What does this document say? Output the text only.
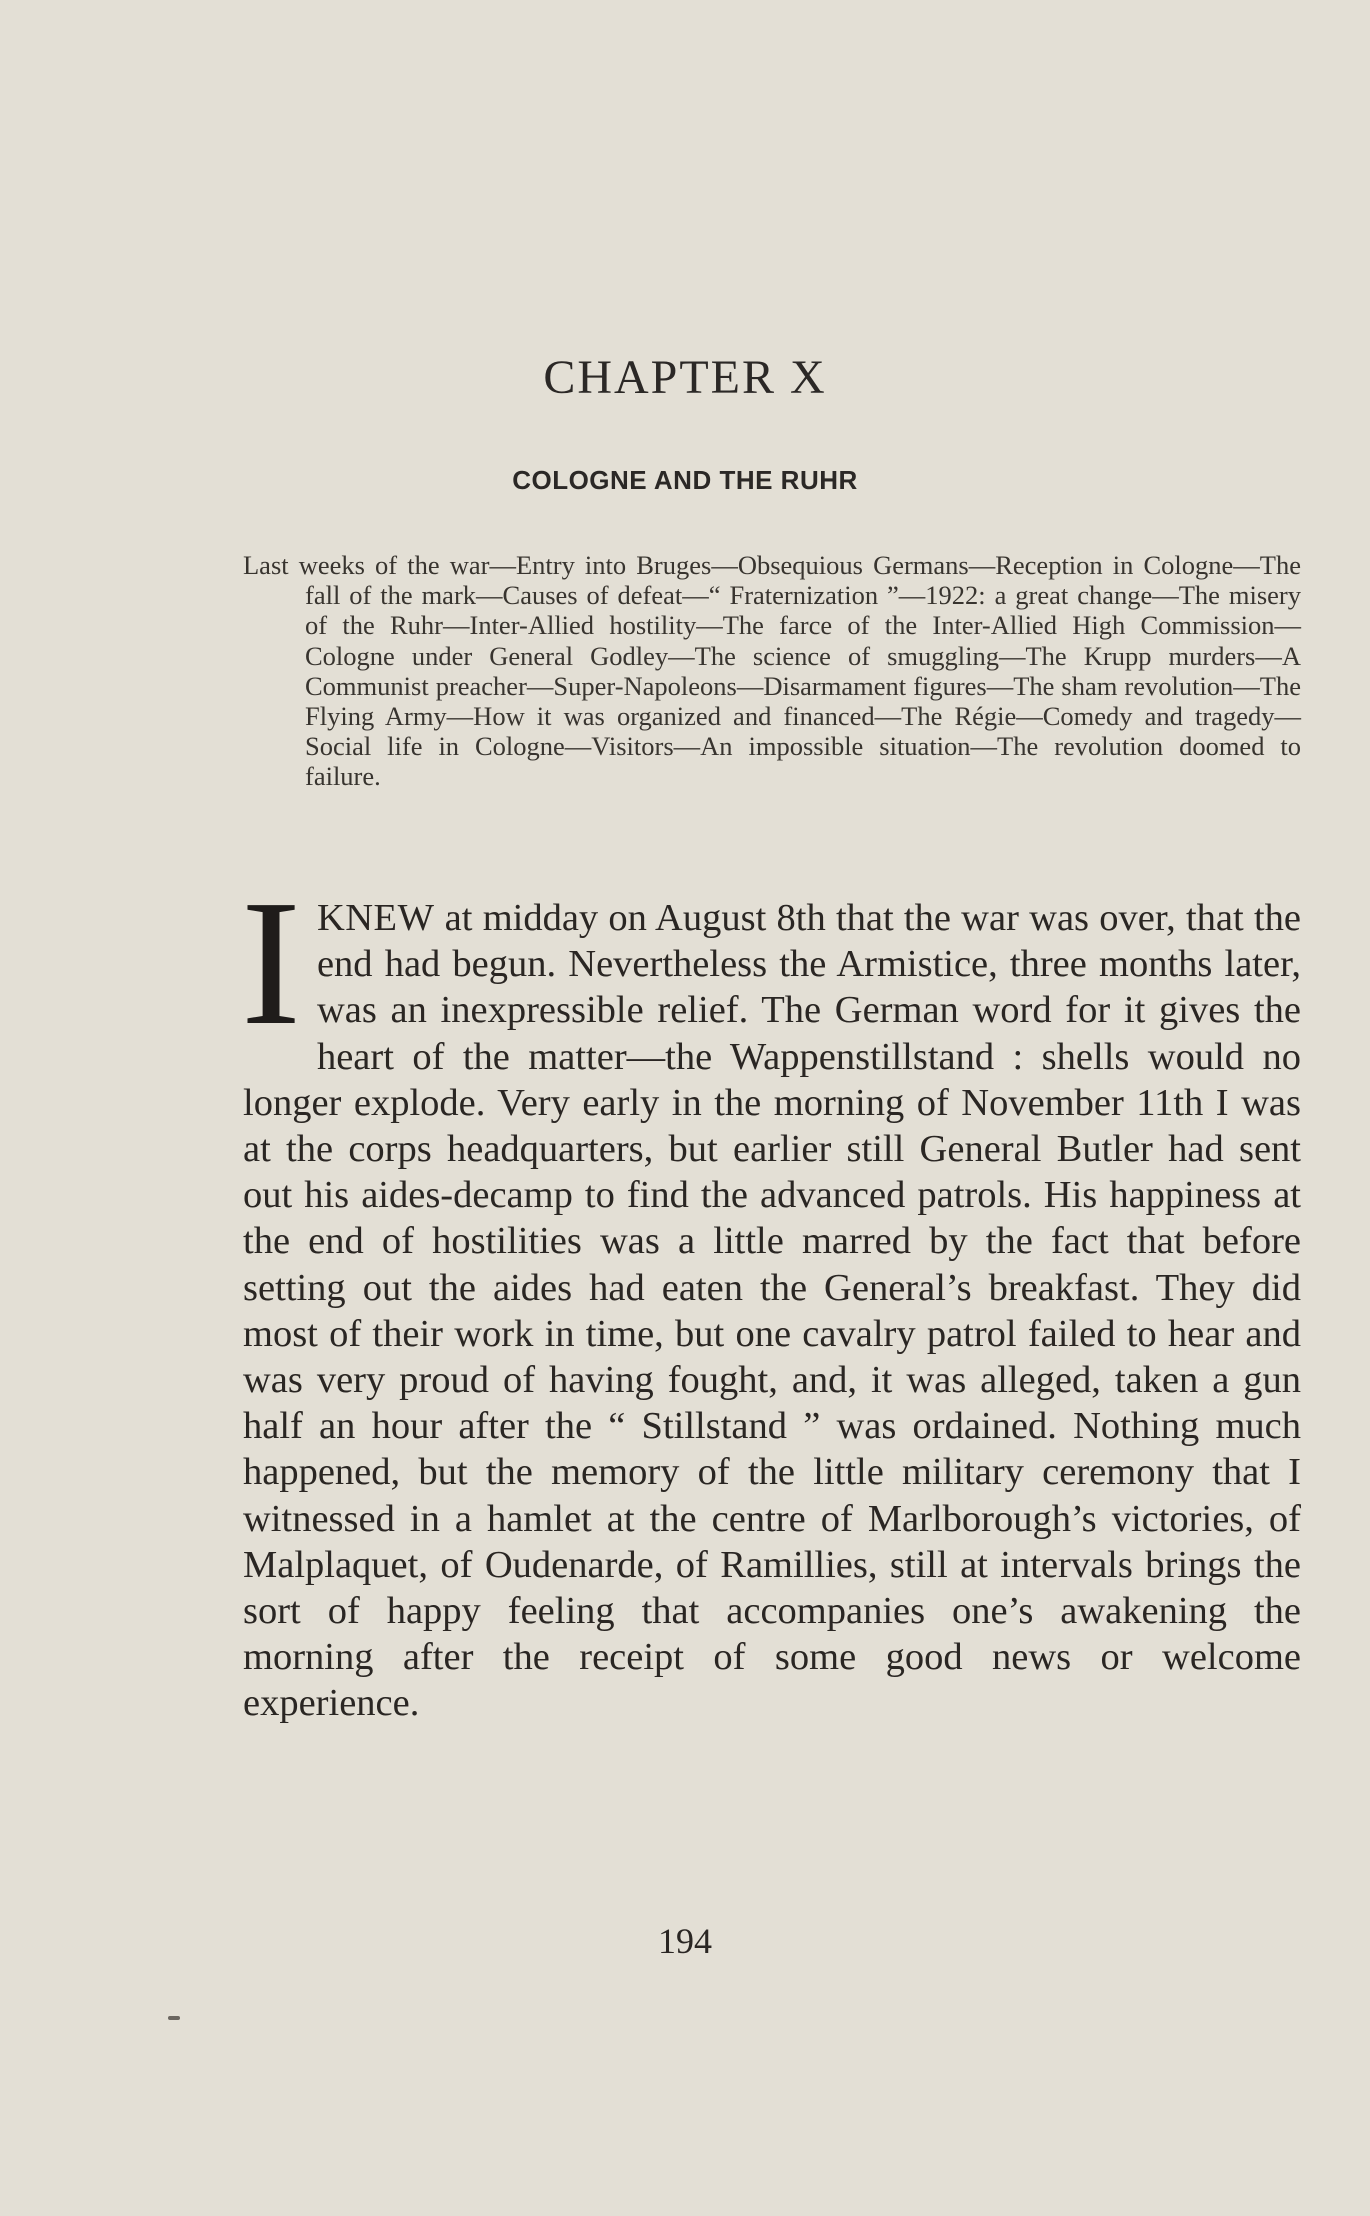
CHAPTER X
COLOGNE AND THE RUHR
Last weeks of the war—Entry into Bruges—Obsequious Germans—Reception in Cologne—The fall of the mark—Causes of defeat—“ Fraternization ”—1922: a great change—The misery of the Ruhr—Inter-Allied hostility—The farce of the Inter-Allied High Commission—Cologne under General Godley—The science of smuggling—The Krupp murders—A Communist preacher—Super-Napoleons—Disarmament figures—The sham revolution—The Flying Army—How it was organized and financed—The Régie—Comedy and tragedy—Social life in Cologne—Visitors—An impossible situation—The revolution doomed to failure.
IKNEW at midday on August 8th that the war was over, that the end had begun. Nevertheless the Armistice, three months later, was an inexpressible relief. The German word for it gives the heart of the matter—the Wappenstillstand : shells would no longer explode. Very early in the morning of November 11th I was at the corps headquarters, but earlier still General Butler had sent out his aides-decamp to find the advanced patrols. His happiness at the end of hostilities was a little marred by the fact that before setting out the aides had eaten the General’s breakfast. They did most of their work in time, but one cavalry patrol failed to hear and was very proud of having fought, and, it was alleged, taken a gun half an hour after the “ Stillstand ” was ordained. Nothing much happened, but the memory of the little military ceremony that I witnessed in a hamlet at the centre of Marlborough’s victories, of Malplaquet, of Oudenarde, of Ramillies, still at intervals brings the sort of happy feeling that accompanies one’s awakening the morning after the receipt of some good news or welcome experience.
194
